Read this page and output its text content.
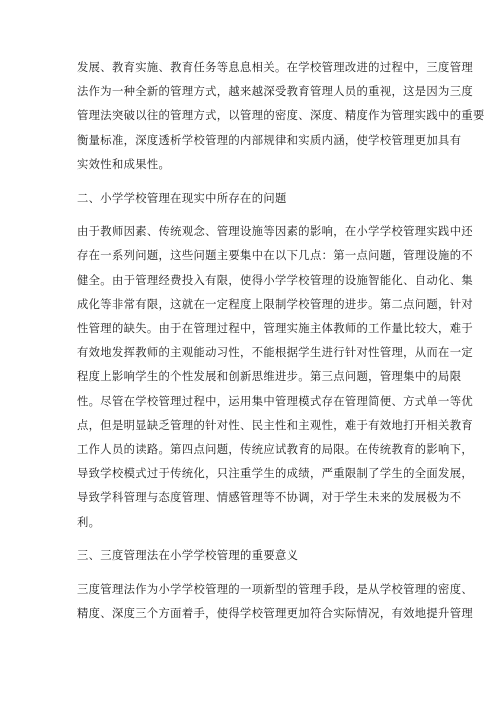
发展、教育实施、教育任务等息息相关。在学校管理改进的过程中，三度管理

法作为一种全新的管理方式，越来越深受教育管理人员的重视，这是因为三度

管理法突破以往的管理方式，以管理的密度、深度、精度作为管理实践中的重要

衡量标准，深度透析学校管理的内部规律和实质内涵，使学校管理更加具有

实效性和成果性。

二、小学学校管理在现实中所存在的问题

由于教师因素、传统观念、管理设施等因素的影响，在小学学校管理实践中还

存在一系列问题，这些问题主要集中在以下几点：第一点问题，管理设施的不

健全。由于管理经费投入有限，使得小学学校管理的设施智能化、自动化、集

成化等非常有限，这就在一定程度上限制学校管理的进步。第二点问题，针对

性管理的缺失。由于在管理过程中，管理实施主体教师的工作量比较大，难于

有效地发挥教师的主观能动习性，不能根据学生进行针对性管理，从而在一定

程度上影响学生的个性发展和创新思维进步。第三点问题，管理集中的局限

性。尽管在学校管理过程中，运用集中管理模式存在管理简便、方式单一等优

点，但是明显缺乏管理的针对性、民主性和主观性，难于有效地打开相关教育

工作人员的读路。第四点问题，传统应试教育的局限。在传统教育的影响下，

导致学校模式过于传统化，只注重学生的成绩，严重限制了学生的全面发展，

导致学科管理与态度管理、情感管理等不协调，对于学生未来的发展极为不

利。

三、三度管理法在小学学校管理的重要意义

三度管理法作为小学学校管理的一项新型的管理手段，是从学校管理的密度、

精度、深度三个方面着手，使得学校管理更加符合实际情况，有效地提升管理
